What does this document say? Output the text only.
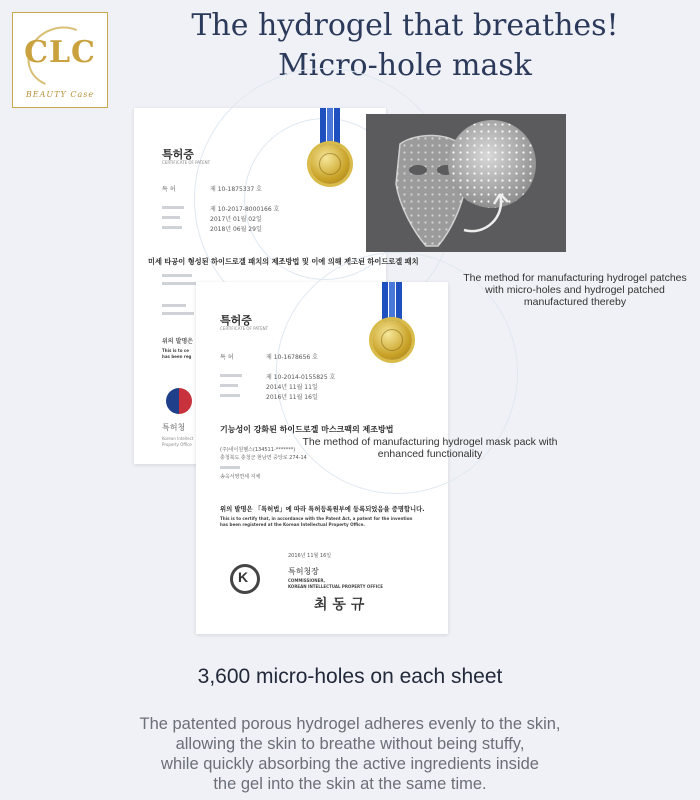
CLC
BEAUTY Case
The hydrogel that breathes!
Micro-hole mask
특허증
CERTIFICATE OF PATENT
특 허	제 10-1875337 호
제 10-2017-8000166 호
2017년 01월 02일
2018년 06월 29일
미세 타공이 형성된 하이드로겔 패치의 제조방법 및 이에 의해 제조된 하이드로겔 패치
위의 발명은
This is to ce
has been reg
특허청
Korean Intellect
Property Office
특허증
CERTIFICATE OF PATENT
특 허	제 10-1678656 호
제 10-2014-0155825 호
2014년 11월 11일
2016년 11월 16일
기능성이 강화된 하이드로겔 마스크팩의 제조방법
(주)네이원헬스(134511-*******)
충청북도 충청군 현남면 중앙로 274-14
송옥서영연세 지체
위의 발명은 「특허법」에 따라 특허등록원부에 등록되었음을 증명합니다.
This is to certify that, in accordance with the Patent Act, a patent for the invention
has been registered at the Korean Intellectual Property Office.
2016년 11월 16일
K
특허청장
COMMISSIONER,
KOREAN INTELLECTUAL PROPERTY OFFICE
최 동 규
The method for manufacturing hydrogel patches with micro-holes and hydrogel patched manufactured thereby
The method of manufacturing hydrogel mask pack with enhanced functionality
3,600 micro-holes on each sheet
The patented porous hydrogel adheres evenly to the skin,
allowing the skin to breathe without being stuffy,
while quickly absorbing the active ingredients inside
the gel into the skin at the same time.
